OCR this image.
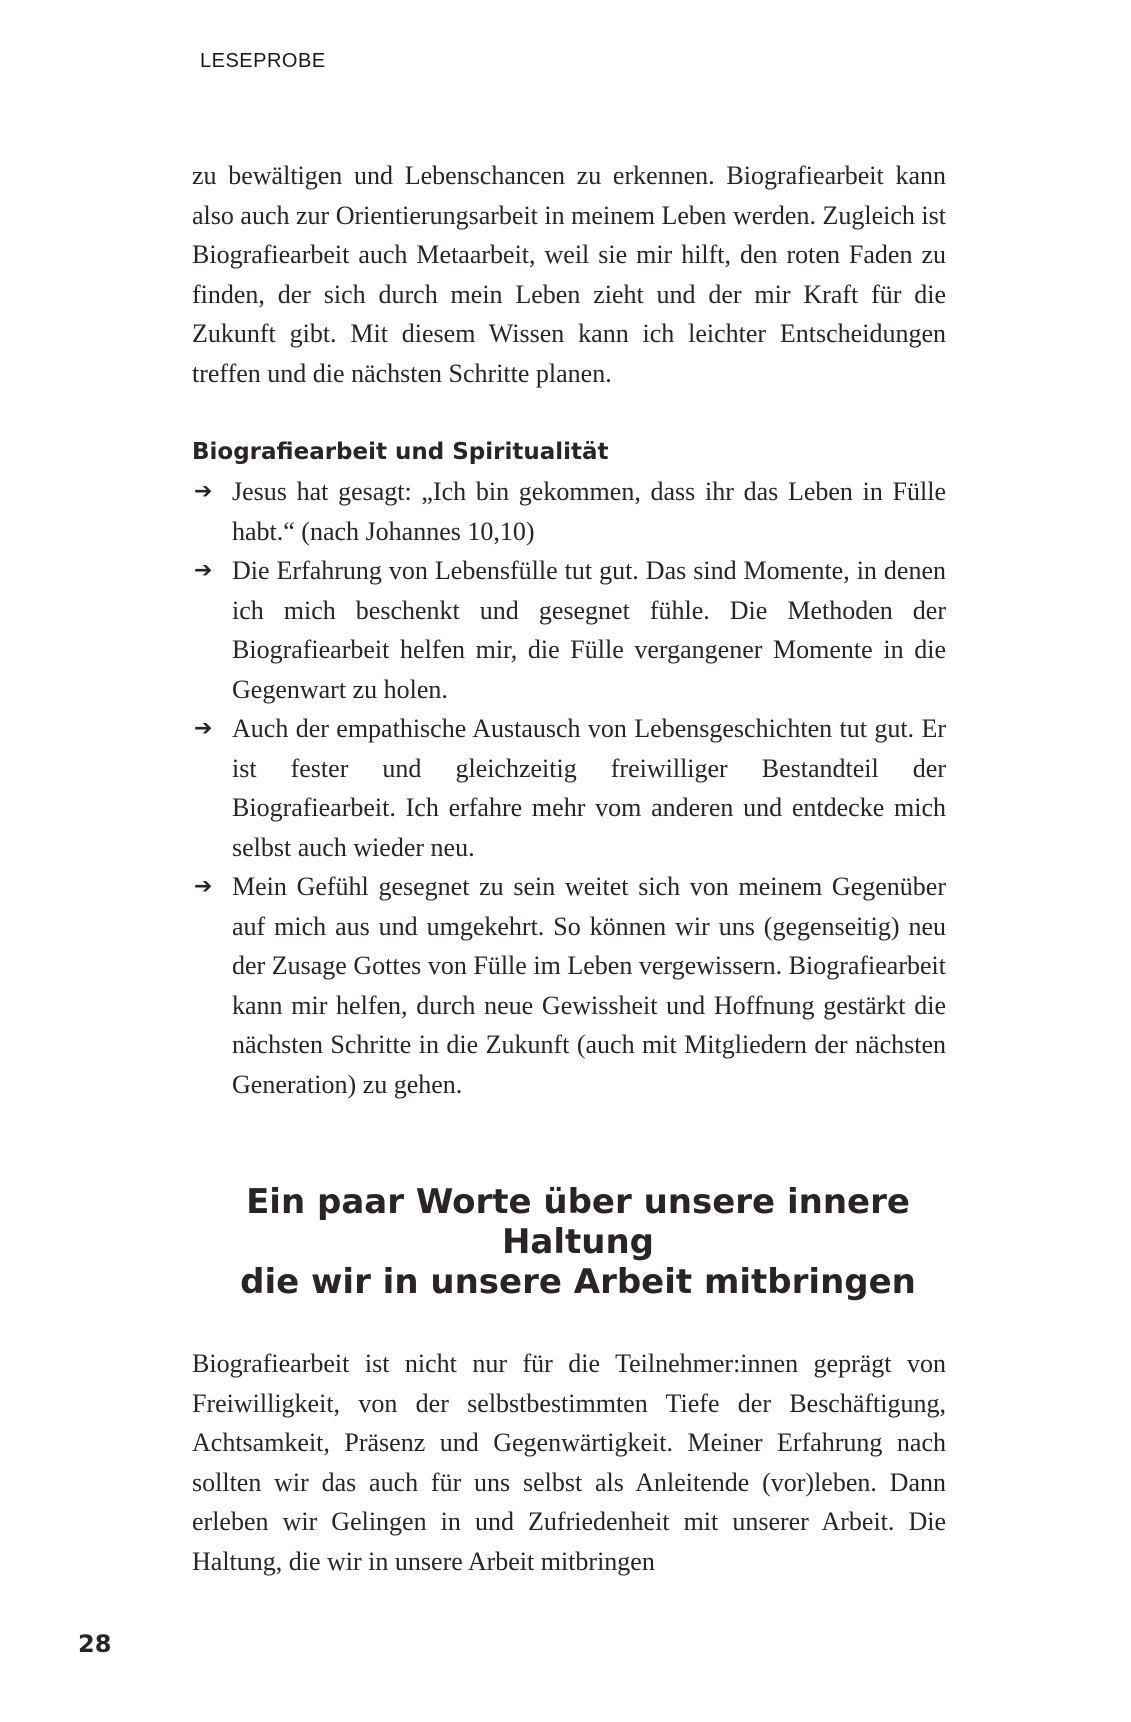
LESEPROBE

zu bewältigen und Lebenschancen zu erkennen. Biografiearbeit kann also auch zur Orientierungsarbeit in meinem Leben werden. Zugleich ist Biografiearbeit auch Metaarbeit, weil sie mir hilft, den roten Faden zu finden, der sich durch mein Leben zieht und der mir Kraft für die Zukunft gibt. Mit diesem Wissen kann ich leichter Entscheidungen treffen und die nächsten Schritte planen.

Biografiearbeit und Spiritualität
➔ Jesus hat gesagt: „Ich bin gekommen, dass ihr das Leben in Fülle habt.“ (nach Johannes 10,10)
➔ Die Erfahrung von Lebensfülle tut gut. Das sind Momente, in denen ich mich beschenkt und gesegnet fühle. Die Methoden der Biografiearbeit helfen mir, die Fülle vergangener Momente in die Gegenwart zu holen.
➔ Auch der empathische Austausch von Lebensgeschichten tut gut. Er ist fester und gleichzeitig freiwilliger Bestandteil der Biografiearbeit. Ich erfahre mehr vom anderen und entdecke mich selbst auch wieder neu.
➔ Mein Gefühl gesegnet zu sein weitet sich von meinem Gegenüber auf mich aus und umgekehrt. So können wir uns (gegenseitig) neu der Zusage Gottes von Fülle im Leben vergewissern. Biografiearbeit kann mir helfen, durch neue Gewissheit und Hoffnung gestärkt die nächsten Schritte in die Zukunft (auch mit Mitgliedern der nächsten Generation) zu gehen.
Ein paar Worte über unsere innere Haltung
die wir in unsere Arbeit mitbringen

Biografiearbeit ist nicht nur für die Teilnehmer:innen geprägt von Freiwilligkeit, von der selbstbestimmten Tiefe der Beschäftigung, Achtsamkeit, Präsenz und Gegenwärtigkeit. Meiner Erfahrung nach sollten wir das auch für uns selbst als Anleitende (vor)leben. Dann erleben wir Gelingen in und Zufriedenheit mit unserer Arbeit. Die Haltung, die wir in unsere Arbeit mitbringen

28
